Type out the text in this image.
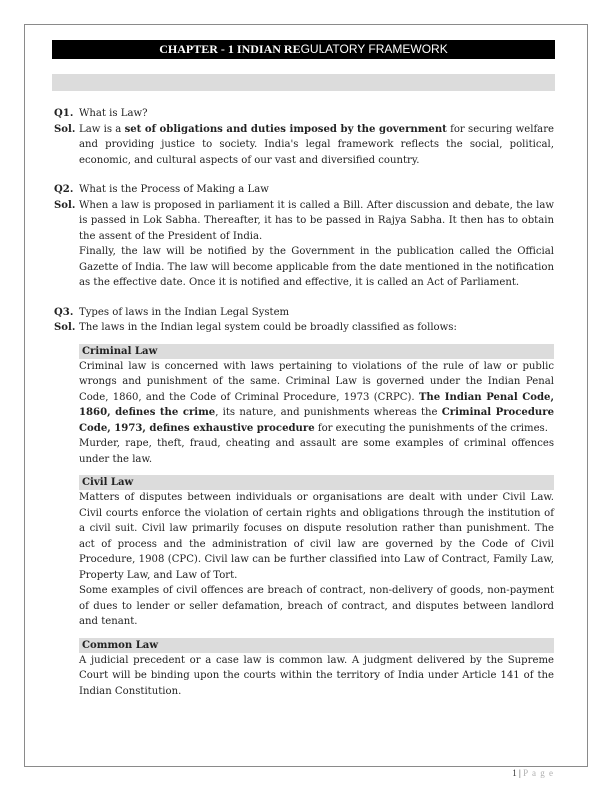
CHAPTER - 1 INDIAN REGULATORY FRAMEWORK
Q1. What is Law?
Sol. Law is a set of obligations and duties imposed by the government for securing welfare and providing justice to society. India's legal framework reflects the social, political, economic, and cultural aspects of our vast and diversified country.
Q2. What is the Process of Making a Law
Sol. When a law is proposed in parliament it is called a Bill. After discussion and debate, the law is passed in Lok Sabha. Thereafter, it has to be passed in Rajya Sabha. It then has to obtain the assent of the President of India.
Finally, the law will be notified by the Government in the publication called the Official Gazette of India. The law will become applicable from the date mentioned in the notification as the effective date. Once it is notified and effective, it is called an Act of Parliament.
Q3. Types of laws in the Indian Legal System
Sol. The laws in the Indian legal system could be broadly classified as follows:
Criminal Law
Criminal law is concerned with laws pertaining to violations of the rule of law or public wrongs and punishment of the same. Criminal Law is governed under the Indian Penal Code, 1860, and the Code of Criminal Procedure, 1973 (CRPC). The Indian Penal Code, 1860, defines the crime, its nature, and punishments whereas the Criminal Procedure Code, 1973, defines exhaustive procedure for executing the punishments of the crimes.
Murder, rape, theft, fraud, cheating and assault are some examples of criminal offences under the law.
Civil Law
Matters of disputes between individuals or organisations are dealt with under Civil Law. Civil courts enforce the violation of certain rights and obligations through the institution of a civil suit. Civil law primarily focuses on dispute resolution rather than punishment. The act of process and the administration of civil law are governed by the Code of Civil Procedure, 1908 (CPC). Civil law can be further classified into Law of Contract, Family Law, Property Law, and Law of Tort.
Some examples of civil offences are breach of contract, non-delivery of goods, non-payment of dues to lender or seller defamation, breach of contract, and disputes between landlord and tenant.
Common Law
A judicial precedent or a case law is common law. A judgment delivered by the Supreme Court will be binding upon the courts within the territory of India under Article 141 of the Indian Constitution.
1 | P a g e
